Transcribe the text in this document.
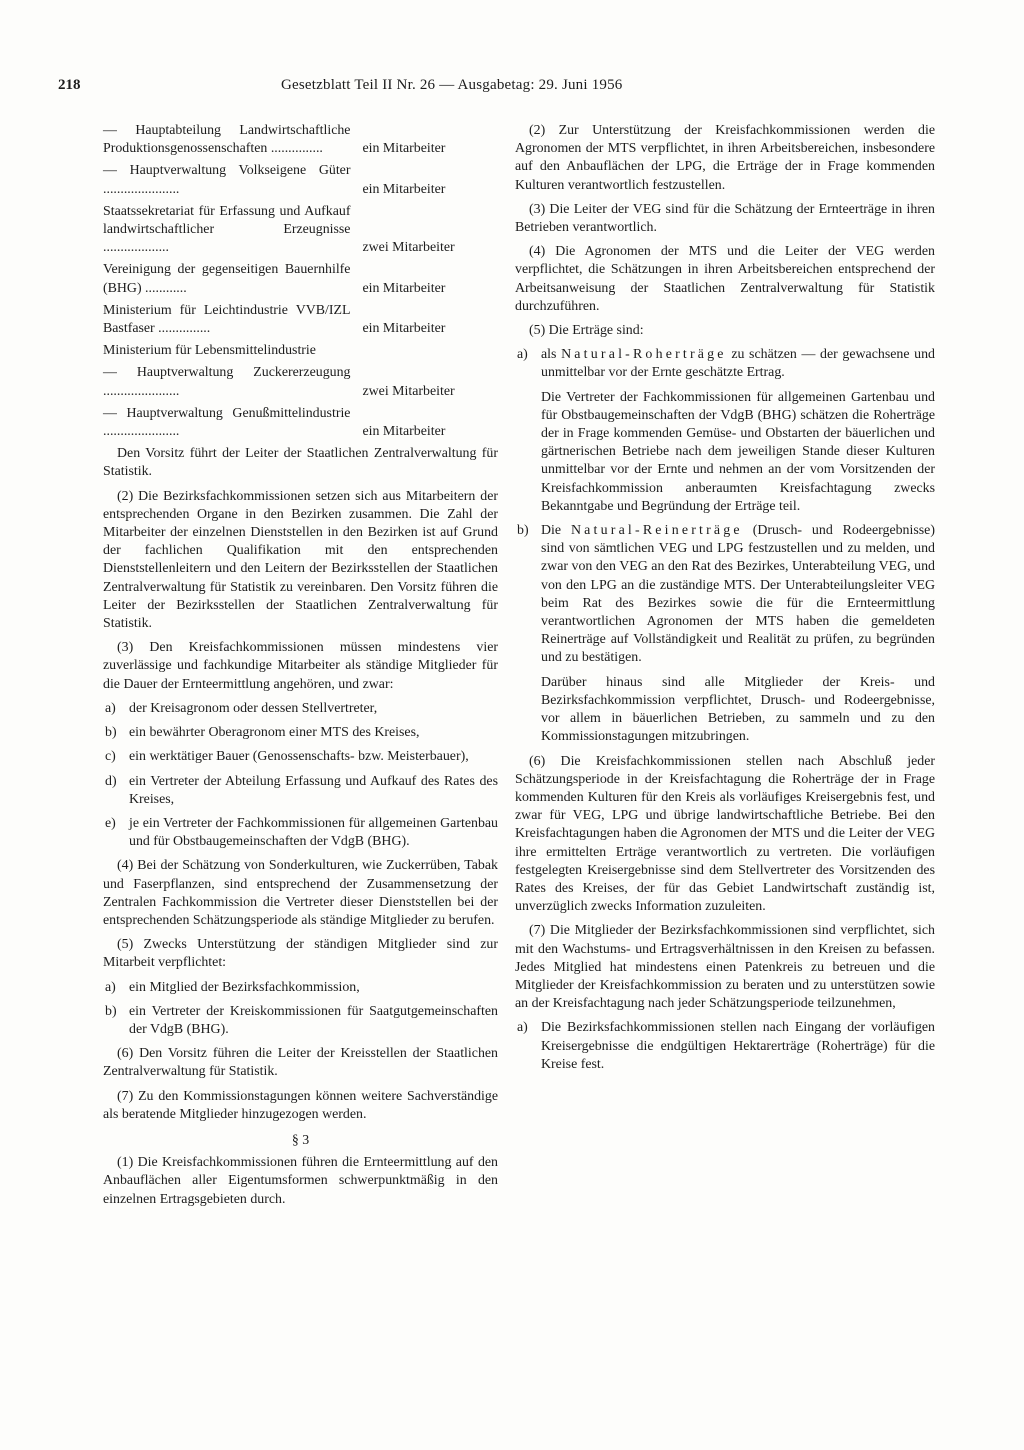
218	Gesetzblatt Teil II Nr. 26 — Ausgabetag: 29. Juni 1956
— Hauptabteilung Landwirtschaftliche Produktionsgenossenschaften ...............	ein Mitarbeiter
— Hauptverwaltung Volkseigene Güter ......................	ein Mitarbeiter
Staatssekretariat für Erfassung und Aufkauf landwirtschaftlicher Erzeugnisse ...................	zwei Mitarbeiter
Vereinigung der gegenseitigen Bauernhilfe (BHG) ............	ein Mitarbeiter
Ministerium für Leichtindustrie VVB/IZL Bastfaser ...............	ein Mitarbeiter
Ministerium für Lebensmittelindustrie
— Hauptverwaltung Zuckererzeugung ......................	zwei Mitarbeiter
— Hauptverwaltung Genußmittelindustrie ......................	ein Mitarbeiter

Den Vorsitz führt der Leiter der Staatlichen Zentralverwaltung für Statistik.

(2) Die Bezirksfachkommissionen setzen sich aus Mitarbeitern der entsprechenden Organe in den Bezirken zusammen. Die Zahl der Mitarbeiter der einzelnen Dienststellen in den Bezirken ist auf Grund der fachlichen Qualifikation mit den entsprechenden Dienststellenleitern und den Leitern der Bezirksstellen der Staatlichen Zentralverwaltung für Statistik zu vereinbaren. Den Vorsitz führen die Leiter der Bezirksstellen der Staatlichen Zentralverwaltung für Statistik.

(3) Den Kreisfachkommissionen müssen mindestens vier zuverlässige und fachkundige Mitarbeiter als ständige Mitglieder für die Dauer der Ernteermittlung angehören, und zwar:

a) der Kreisagronom oder dessen Stellvertreter,
b) ein bewährter Oberagronom einer MTS des Kreises,
c) ein werktätiger Bauer (Genossenschafts- bzw. Meisterbauer),
d) ein Vertreter der Abteilung Erfassung und Aufkauf des Rates des Kreises,
e) je ein Vertreter der Fachkommissionen für allgemeinen Gartenbau und für Obstbaugemeinschaften der VdgB (BHG).

(4) Bei der Schätzung von Sonderkulturen, wie Zuckerrüben, Tabak und Faserpflanzen, sind entsprechend der Zusammensetzung der Zentralen Fachkommission die Vertreter dieser Dienststellen bei der entsprechenden Schätzungsperiode als ständige Mitglieder zu berufen.

(5) Zwecks Unterstützung der ständigen Mitglieder sind zur Mitarbeit verpflichtet:

a) ein Mitglied der Bezirksfachkommission,
b) ein Vertreter der Kreiskommissionen für Saatgutgemeinschaften der VdgB (BHG).

(6) Den Vorsitz führen die Leiter der Kreisstellen der Staatlichen Zentralverwaltung für Statistik.

(7) Zu den Kommissionstagungen können weitere Sachverständige als beratende Mitglieder hinzugezogen werden.

§ 3

(1) Die Kreisfachkommissionen führen die Ernteermittlung auf den Anbauflächen aller Eigentumsformen schwerpunktmäßig in den einzelnen Ertragsgebieten durch.

(2) Zur Unterstützung der Kreisfachkommissionen werden die Agronomen der MTS verpflichtet, in ihren Arbeitsbereichen, insbesondere auf den Anbauflächen der LPG, die Erträge der in Frage kommenden Kulturen verantwortlich festzustellen.

(3) Die Leiter der VEG sind für die Schätzung der Ernteerträge in ihren Betrieben verantwortlich.

(4) Die Agronomen der MTS und die Leiter der VEG werden verpflichtet, die Schätzungen in ihren Arbeitsbereichen entsprechend der Arbeitsanweisung der Staatlichen Zentralverwaltung für Statistik durchzuführen.

(5) Die Erträge sind:

a) als Natural-Roherträge zu schätzen — der gewachsene und unmittelbar vor der Ernte geschätzte Ertrag.

Die Vertreter der Fachkommissionen für allgemeinen Gartenbau und für Obstbaugemeinschaften der VdgB (BHG) schätzen die Roherträge der in Frage kommenden Gemüse- und Obstarten der bäuerlichen und gärtnerischen Betriebe nach dem jeweiligen Stande dieser Kulturen unmittelbar vor der Ernte und nehmen an der vom Vorsitzenden der Kreisfachkommission anberaumten Kreisfachtagung zwecks Bekanntgabe und Begründung der Erträge teil.

b) Die Natural-Reinerträge (Drusch- und Rodeergebnisse) sind von sämtlichen VEG und LPG festzustellen und zu melden, und zwar von den VEG an den Rat des Bezirkes, Unterabteilung VEG, und von den LPG an die zuständige MTS. Der Unterabteilungsleiter VEG beim Rat des Bezirkes sowie die für die Ernteermittlung verantwortlichen Agronomen der MTS haben die gemeldeten Reinerträge auf Vollständigkeit und Realität zu prüfen, zu begründen und zu bestätigen.

Darüber hinaus sind alle Mitglieder der Kreis- und Bezirksfachkommission verpflichtet, Drusch- und Rodeergebnisse, vor allem in bäuerlichen Betrieben, zu sammeln und zu den Kommissionstagungen mitzubringen.

(6) Die Kreisfachkommissionen stellen nach Abschluß jeder Schätzungsperiode in der Kreisfachtagung die Roherträge der in Frage kommenden Kulturen für den Kreis als vorläufiges Kreisergebnis fest, und zwar für VEG, LPG und übrige landwirtschaftliche Betriebe. Bei den Kreisfachtagungen haben die Agronomen der MTS und die Leiter der VEG ihre ermittelten Erträge verantwortlich zu vertreten. Die vorläufigen festgelegten Kreisergebnisse sind dem Stellvertreter des Vorsitzenden des Rates des Kreises, der für das Gebiet Landwirtschaft zuständig ist, unverzüglich zwecks Information zuzuleiten.

(7) Die Mitglieder der Bezirksfachkommissionen sind verpflichtet, sich mit den Wachstums- und Ertragsverhältnissen in den Kreisen zu befassen. Jedes Mitglied hat mindestens einen Patenkreis zu betreuen und die Mitglieder der Kreisfachkommission zu beraten und zu unterstützen sowie an der Kreisfachtagung nach jeder Schätzungsperiode teilzunehmen,

a) Die Bezirksfachkommissionen stellen nach Eingang der vorläufigen Kreisergebnisse die endgültigen Hektarerträge (Roherträge) für die Kreise fest.
